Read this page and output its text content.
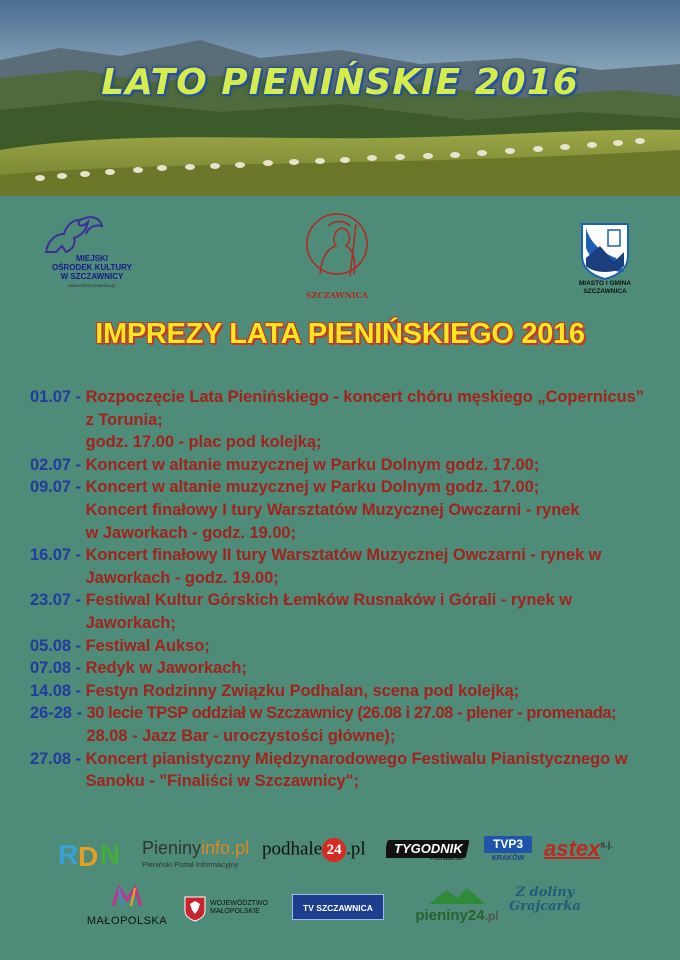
LATO PIENIŃSKIE 2016
MIEJSKI
OŚRODEK KULTURY
W SZCZAWNICY
www.mokszczawnica.pl
SZCZAWNICA
MIASTO I GMINA
SZCZAWNICA
IMPREZY LATA PIENIŃSKIEGO 2016
01.07 - Rozpoczęcie Lata Pienińskiego - koncert chóru męskiego „Copernicus”
z Torunia;
godz. 17.00 - plac pod kolejką;
02.07 - Koncert w altanie muzycznej w Parku Dolnym godz. 17.00;
09.07 - Koncert w altanie muzycznej w Parku Dolnym godz. 17.00;
Koncert finałowy I tury Warsztatów Muzycznej Owczarni - rynek
w Jaworkach - godz. 19.00;
16.07 - Koncert finałowy II tury Warsztatów Muzycznej Owczarni - rynek w
Jaworkach - godz. 19.00;
23.07 - Festiwal Kultur Górskich Łemków Rusnaków i Górali - rynek w
Jaworkach;
05.08 - Festiwal Aukso;
07.08 - Redyk w Jaworkach;
14.08 - Festyn Rodzinny Związku Podhalan, scena pod kolejką;
26-28 - 30 lecie TPSP oddział w Szczawnicy (26.08 i 27.08 - plener - promenada;
28.08 - Jazz Bar - uroczystości główne);
27.08 - Koncert pianistyczny Międzynarodowego Festiwalu Pianistycznego w
Sanoku - "Finaliści w Szczawnicy";
R D N Pieninyinfo.pl
Pieniński Portal Informacyjny
podhale 24 .pl	TYGODNIK
Podhalański
TVP3
KRAKÓW astex$^{s.j.}$
MAŁOPOLSKA
WOJEWÓDZTWO
MAŁOPOLSKIE	TV SZCZAWNICA	pieniny24.pl
Z doliny
Grajcarka
